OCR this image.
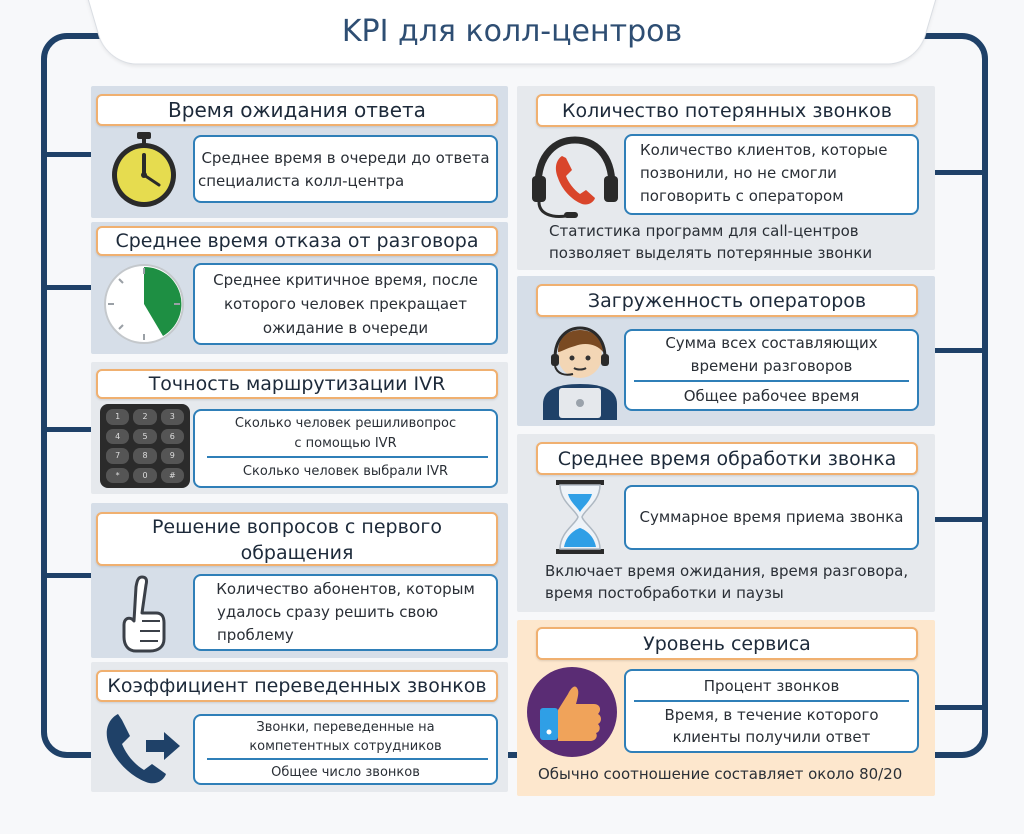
KPI для колл-центров
Время ожидания ответа
Среднее время в очереди до ответа
специалиста колл-центра
Среднее время отказа от разговора
Среднее критичное время, после
которого человек прекращает
ожидание в очереди
Точность маршрутизации IVR
1	2	3
4	5	6
7	8	9
*	0	#
Сколько человек решиливопрос
с помощью IVR
Сколько человек выбрали IVR
Решение вопросов с первого
обращения
Количество абонентов, которым
удалось сразу решить свою
проблему
Коэффициент переведенных звонков
Звонки, переведенные на
компетентных сотрудников
Общее число звонков
Количество потерянных звонков
Количество клиентов, которые
позвонили, но не смогли
поговорить с оператором
Статистика программ для call-центров
позволяет выделять потерянные звонки
Загруженность операторов
Сумма всех составляющих
времени разговоров
Общее рабочее время
Среднее время обработки звонка
Суммарное время приема звонка
Включает время ожидания, время разговора,
время постобработки и паузы
Уровень сервиса
Процент звонков
Время, в течение которого
клиенты получили ответ
Обычно соотношение составляет около 80/20
